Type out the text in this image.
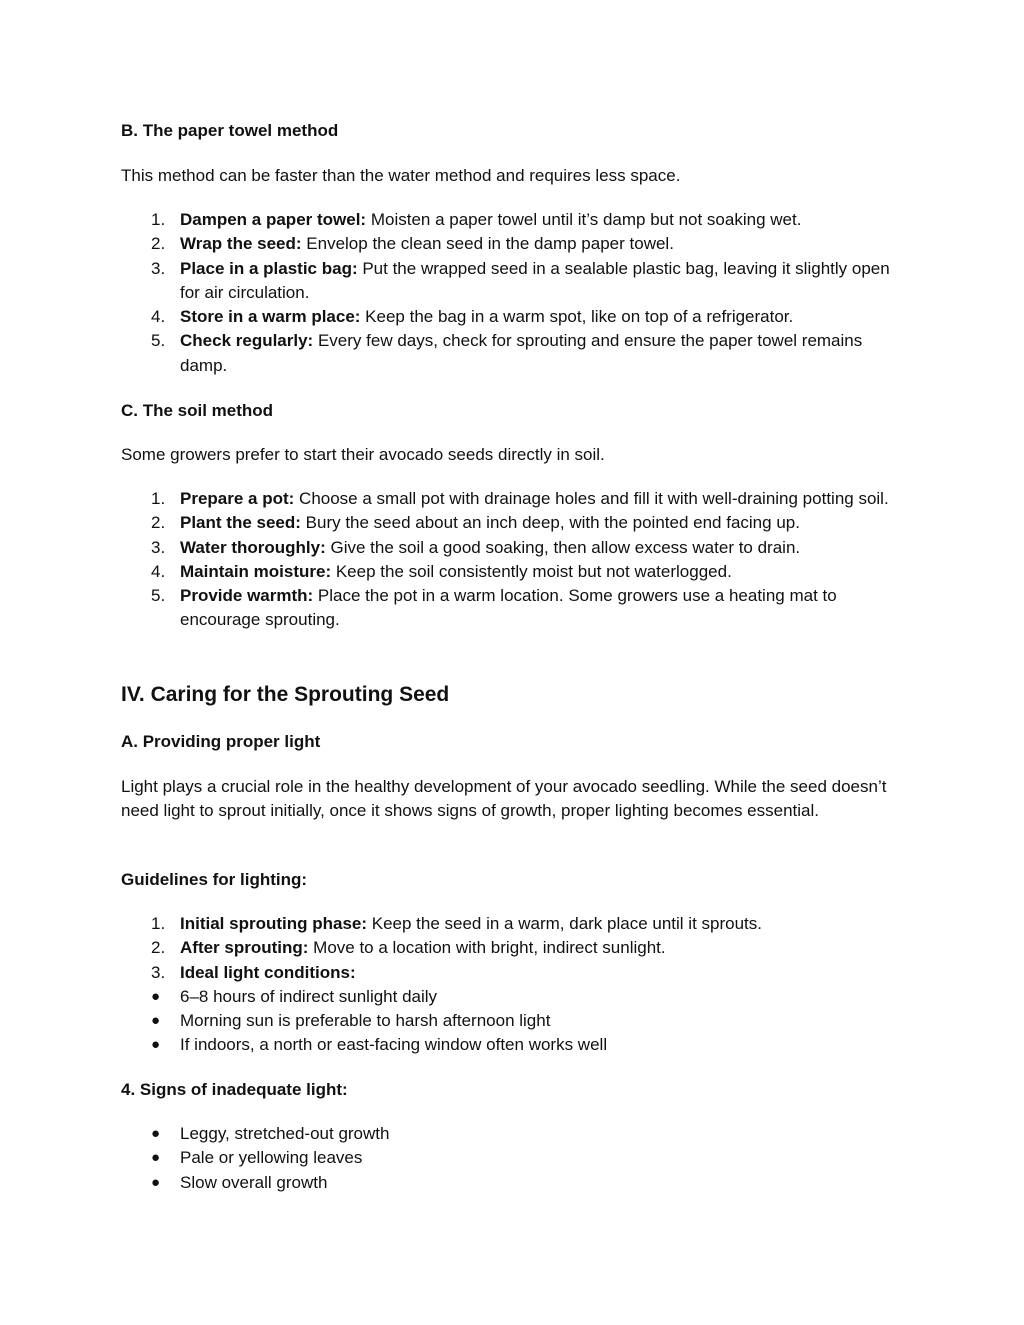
B. The paper towel method
This method can be faster than the water method and requires less space.
1. Dampen a paper towel: Moisten a paper towel until it’s damp but not soaking wet.
2. Wrap the seed: Envelop the clean seed in the damp paper towel.
3. Place in a plastic bag: Put the wrapped seed in a sealable plastic bag, leaving it slightly open for air circulation.
4. Store in a warm place: Keep the bag in a warm spot, like on top of a refrigerator.
5. Check regularly: Every few days, check for sprouting and ensure the paper towel remains damp.
C. The soil method
Some growers prefer to start their avocado seeds directly in soil.
1. Prepare a pot: Choose a small pot with drainage holes and fill it with well-draining potting soil.
2. Plant the seed: Bury the seed about an inch deep, with the pointed end facing up.
3. Water thoroughly: Give the soil a good soaking, then allow excess water to drain.
4. Maintain moisture: Keep the soil consistently moist but not waterlogged.
5. Provide warmth: Place the pot in a warm location. Some growers use a heating mat to encourage sprouting.
IV. Caring for the Sprouting Seed
A. Providing proper light
Light plays a crucial role in the healthy development of your avocado seedling. While the seed doesn’t need light to sprout initially, once it shows signs of growth, proper lighting becomes essential.
Guidelines for lighting:
1. Initial sprouting phase: Keep the seed in a warm, dark place until it sprouts.
2. After sprouting: Move to a location with bright, indirect sunlight.
3. Ideal light conditions:
● 6–8 hours of indirect sunlight daily
● Morning sun is preferable to harsh afternoon light
● If indoors, a north or east-facing window often works well
4. Signs of inadequate light:
● Leggy, stretched-out growth
● Pale or yellowing leaves
● Slow overall growth
